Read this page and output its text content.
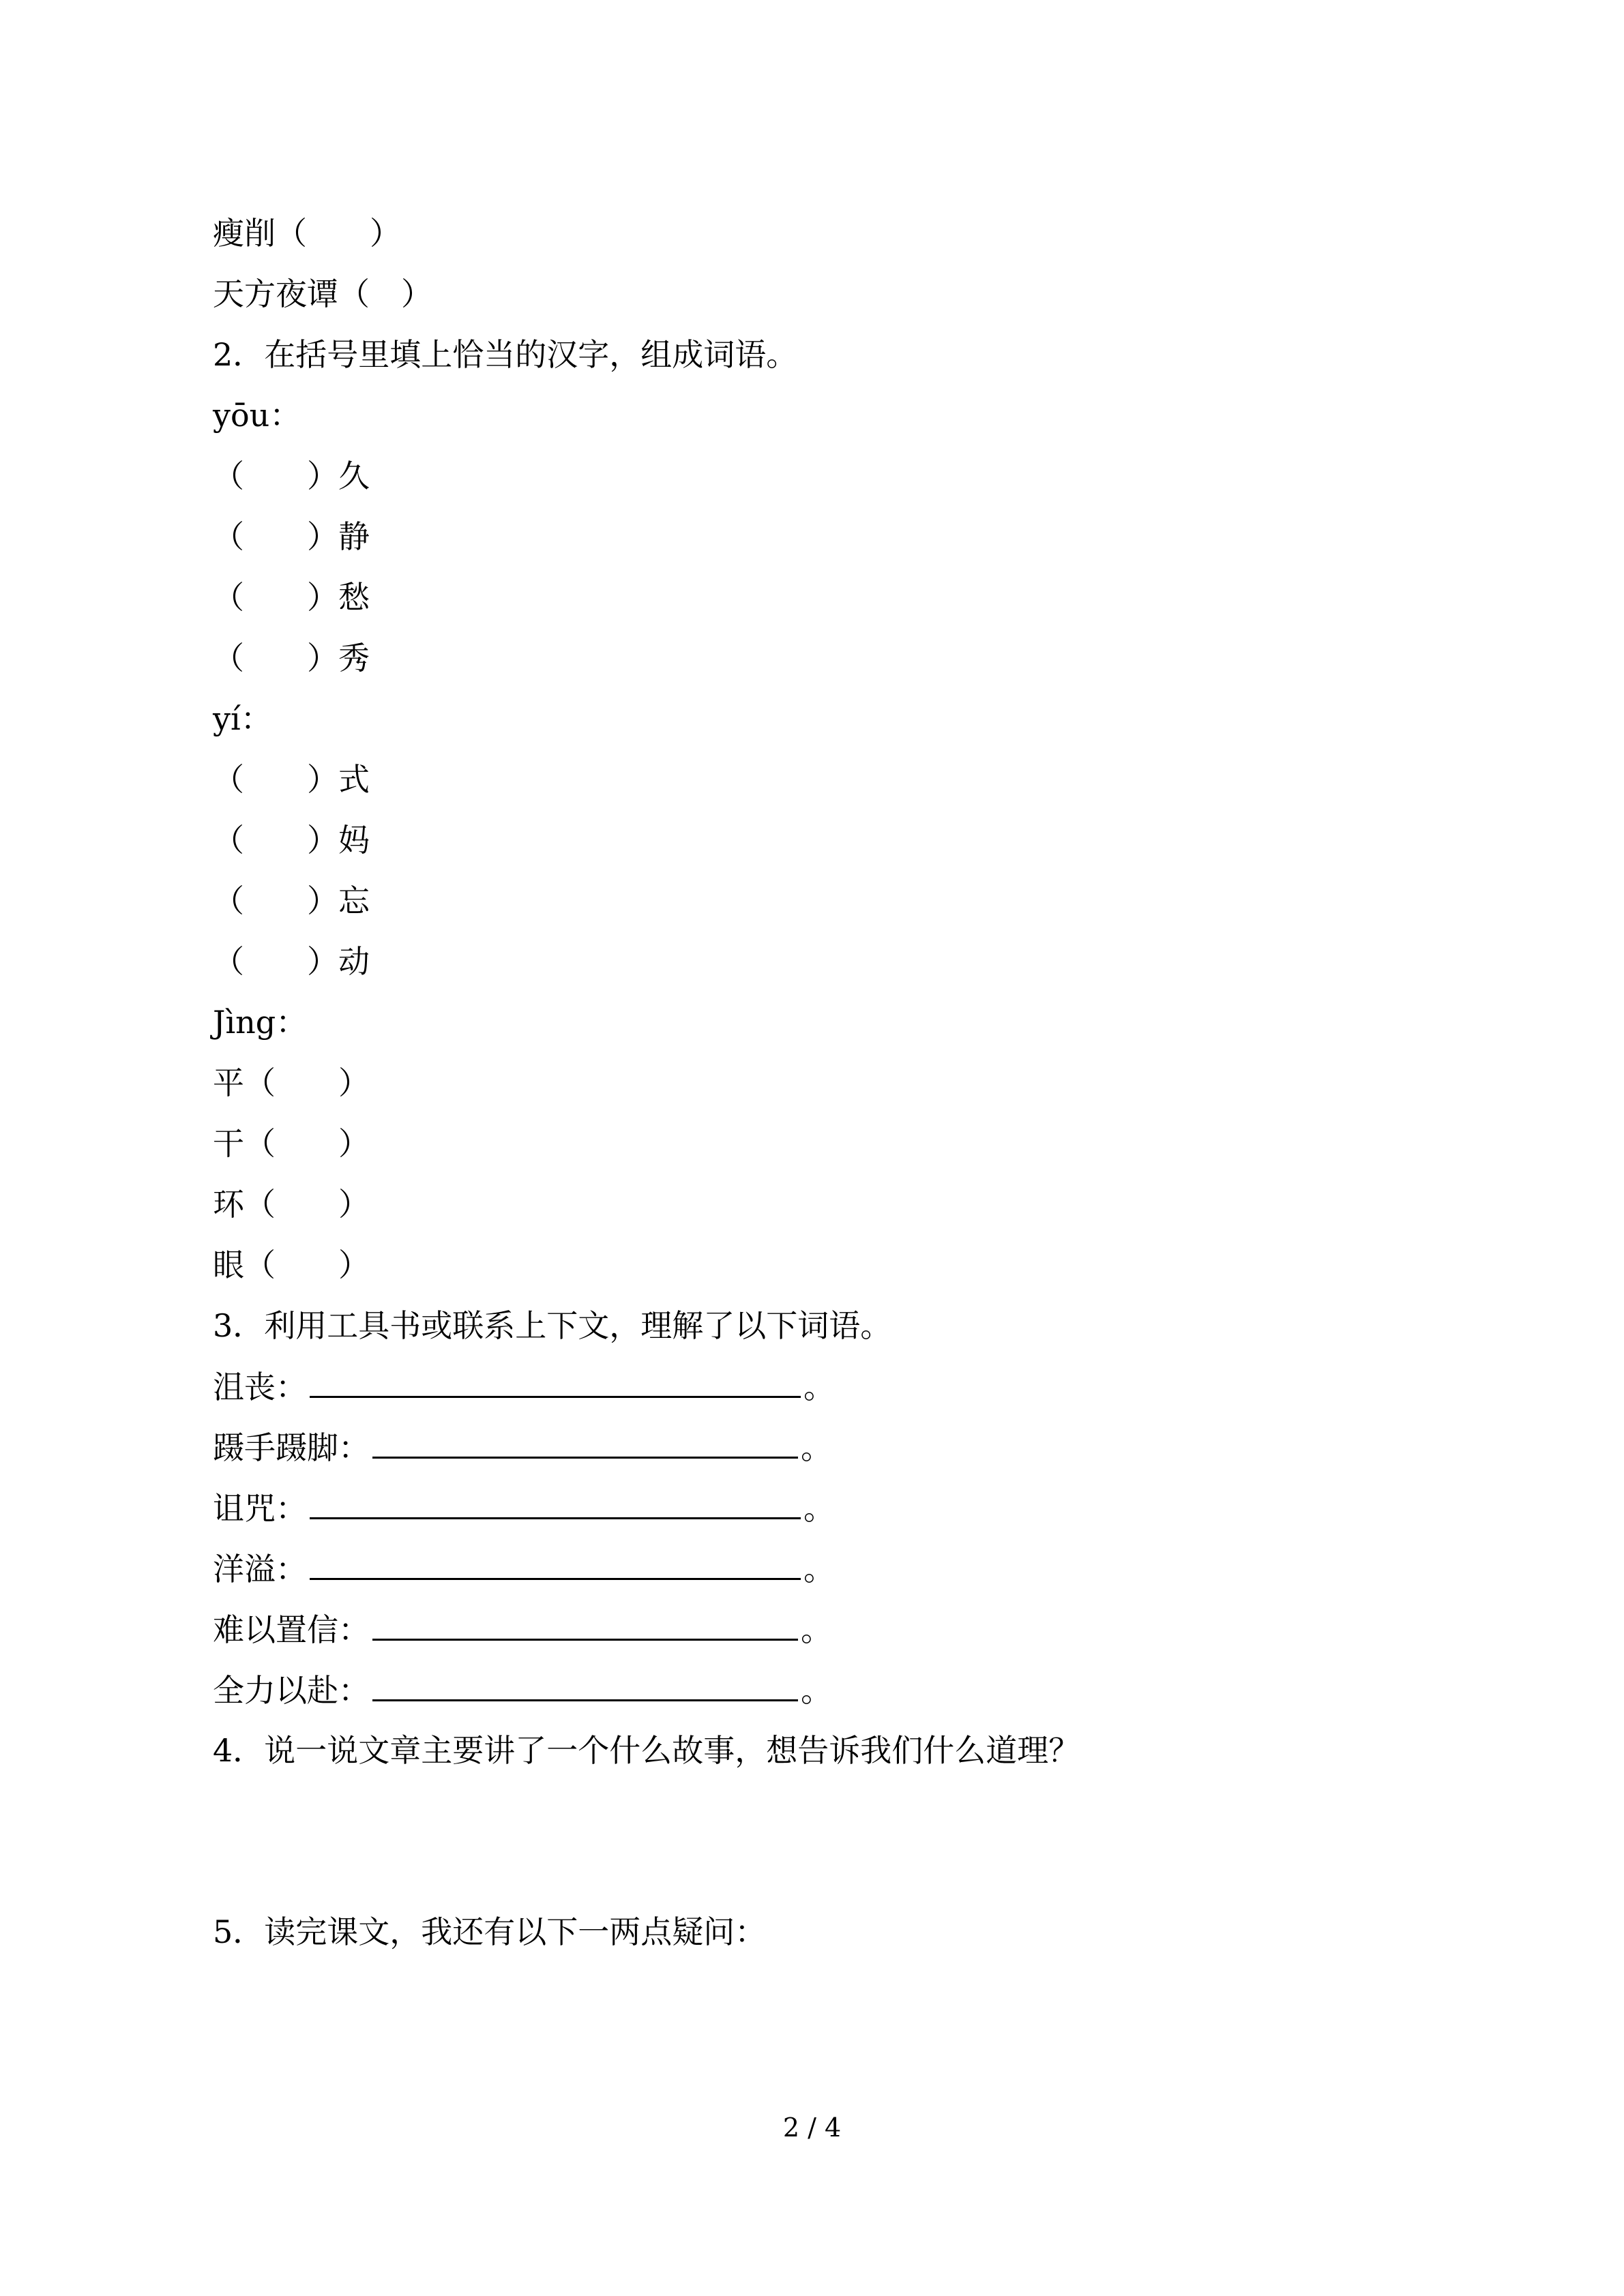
瘦削（　　）
天方夜谭（　）
2．在括号里填上恰当的汉字，组成词语。
yōu：
（　　）久
（　　）静
（　　）愁
（　　）秀
yí：
（　　）式
（　　）妈
（　　）忘
（　　）动
Jìng：
平（　　）
干（　　）
环（　　）
眼（　　）
3．利用工具书或联系上下文，理解了以下词语。
沮丧：	。
蹑手蹑脚：	。
诅咒：	。
洋溢：	。
难以置信：	。
全力以赴：	。
4．说一说文章主要讲了一个什么故事，想告诉我们什么道理？
5．读完课文，我还有以下一两点疑问：
2 / 4
